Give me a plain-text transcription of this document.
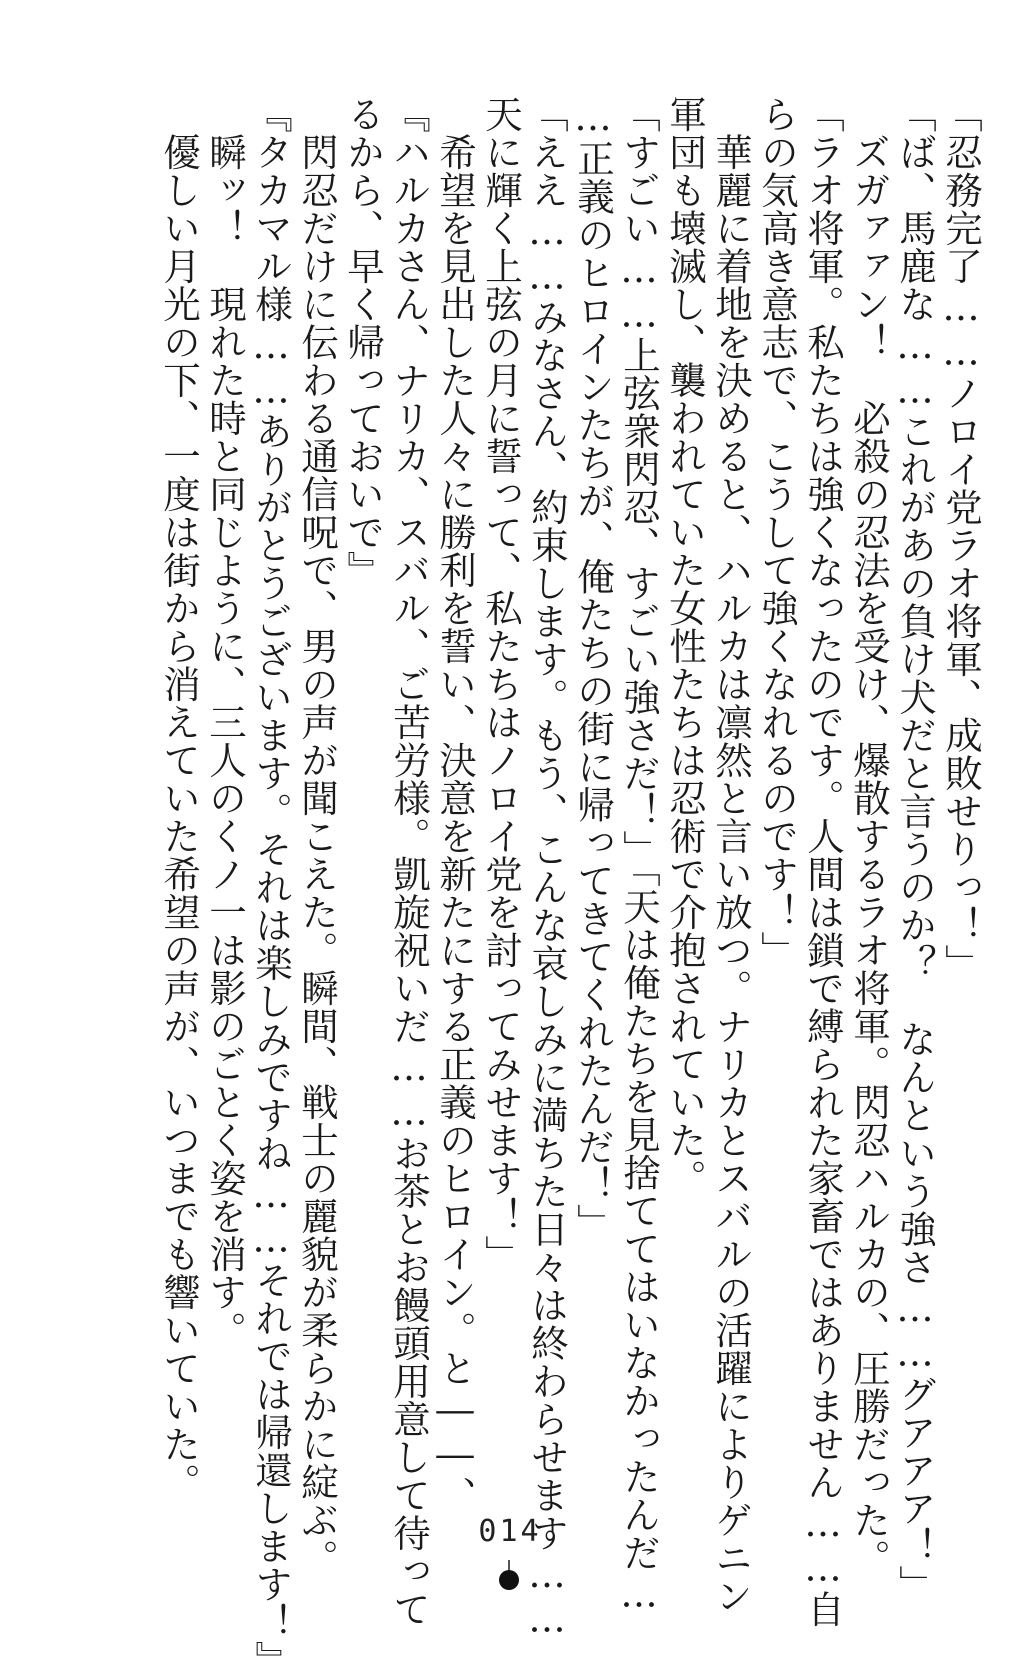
「忍務完了……ノロイ党ラオ将軍、成敗せりっ！」
「ば、馬鹿な……これがあの負け犬だと言うのか？　なんという強さ……グアアア！」
　ズガァァン！　必殺の忍法を受け、爆散するラオ将軍。閃忍ハルカの、圧勝だった。
「ラオ将軍。私たちは強くなったのです。人間は鎖で縛られた家畜ではありません……自
らの気高き意志で、こうして強くなれるのです！」
　華麗に着地を決めると、ハルカは凛然と言い放つ。ナリカとスバルの活躍によりゲニン
軍団も壊滅し、襲われていた女性たちは忍術で介抱されていた。
「すごい……上弦衆閃忍、すごい強さだ！」「天は俺たちを見捨ててはいなかったんだ…
…正義のヒロインたちが、俺たちの街に帰ってきてくれたんだ！」
「ええ……みなさん、約束します。もう、こんな哀しみに満ちた日々は終わらせます……
天に輝く上弦の月に誓って、私たちはノロイ党を討ってみせます！」
　希望を見出した人々に勝利を誓い、決意を新たにする正義のヒロイン。と――、
『ハルカさん、ナリカ、スバル、ご苦労様。凱旋祝いだ……お茶とお饅頭用意して待って
るから、早く帰っておいで』
　閃忍だけに伝わる通信呪で、男の声が聞こえた。瞬間、戦士の麗貌が柔らかに綻ぶ。
『タカマル様……ありがとうございます。それは楽しみですね……それでは帰還します！』
　瞬ッ！　現れた時と同じように、三人のくノ一は影のごとく姿を消す。
　優しい月光の下、一度は街から消えていた希望の声が、いつまでも響いていた。
014
